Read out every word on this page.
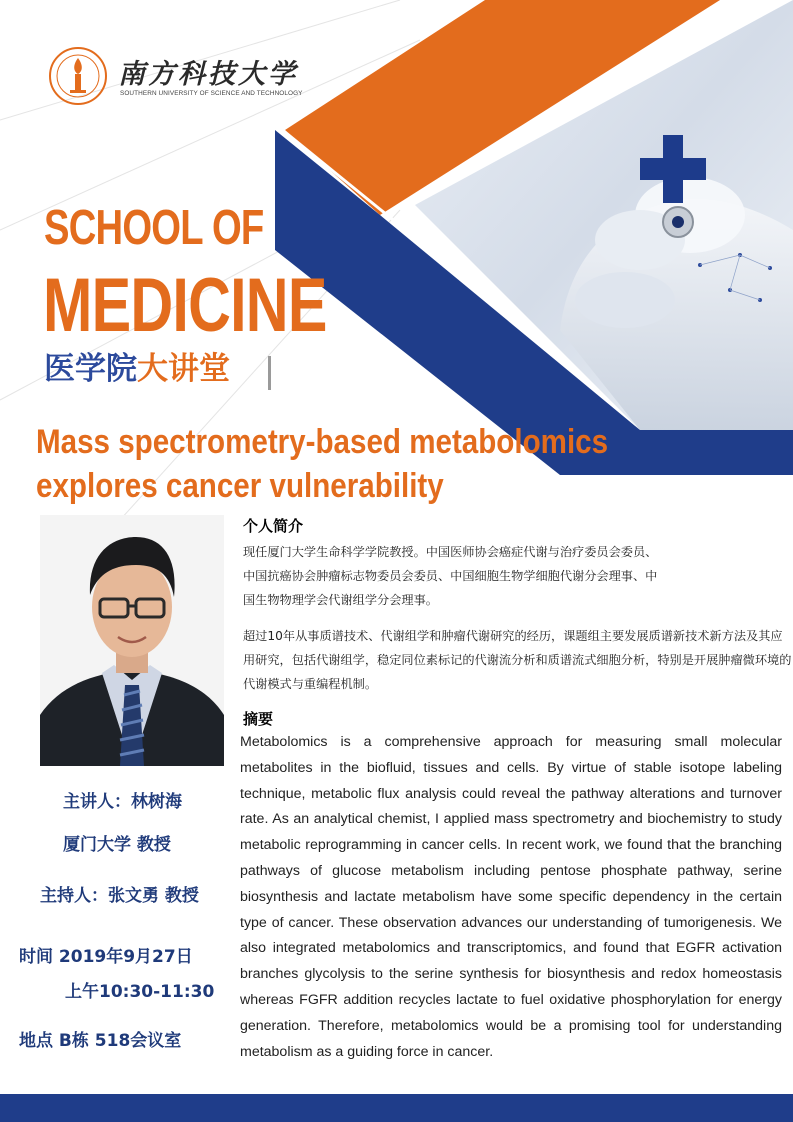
南方科技大学
SOUTHERN UNIVERSITY OF SCIENCE AND TECHNOLOGY
SCHOOL OF
MEDICINE
医学院大讲堂
Mass spectrometry-based metabolomics explores cancer vulnerability
主讲人：林树海
厦门大学 教授
主持人：张文勇 教授
时间 2019年9月27日
上午10:30-11:30
地点 B栋 518会议室
个人简介
现任厦门大学生命科学学院教授。中国医师协会癌症代谢与治疗委员会委员、中国抗癌协会肿瘤标志物委员会委员、中国细胞生物学细胞代谢分会理事、中国生物物理学会代谢组学分会理事。
超过10年从事质谱技术、代谢组学和肿瘤代谢研究的经历，课题组主要发展质谱新技术新方法及其应用研究，包括代谢组学，稳定同位素标记的代谢流分析和质谱流式细胞分析，特别是开展肿瘤微环境的代谢模式与重编程机制。
摘要
Metabolomics is a comprehensive approach for measuring small molecular metabolites in the biofluid, tissues and cells. By virtue of stable isotope labeling technique, metabolic flux analysis could reveal the pathway alterations and turnover rate. As an analytical chemist, I applied mass spectrometry and biochemistry to study metabolic reprogramming in cancer cells. In recent work, we found that the branching pathways of glucose metabolism including pentose phosphate pathway, serine biosynthesis and lactate metabolism have some specific dependency in the certain type of cancer. These observation advances our understanding of tumorigenesis. We also integrated metabolomics and transcriptomics, and found that EGFR activation branches glycolysis to the serine synthesis for biosynthesis and redox homeostasis whereas FGFR addition recycles lactate to fuel oxidative phosphorylation for energy generation. Therefore, metabolomics would be a promising tool for understanding metabolism as a guiding force in cancer.
